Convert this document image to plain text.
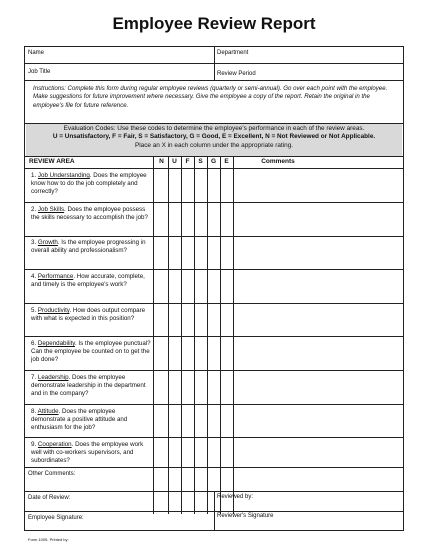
Employee Review Report
Name	Department
Job Title	Review Period
Instructions: Complete this form during regular employee reviews (quarterly or semi-annual). Go over each point with the employee. Make suggestions for future improvement where necessary. Give the employee a copy of the report. Retain the original in the employee's file for future reference.
Evaluation Codes: Use these codes to determine the employee's performance in each of the review areas.
U = Unsatisfactory, F = Fair, S = Satisfactory, G = Good, E = Excellent, N = Not Reviewed or Not Applicable.
Place an X in each column under the appropriate rating.
REVIEW AREA	N	U	F	S	G	E	Comments
1. Job Understanding. Does the employee know how to do the job completely and correctly?
2. Job Skills. Does the employee possess the skills necessary to accomplish the job?
3. Growth. Is the employee progressing in overall ability and professionalism?
4. Performance. How accurate, complete, and timely is the employee's work?
5. Productivity. How does output compare with what is expected in this position?
6. Dependability. Is the employee punctual? Can the employee be counted on to get the job done?
7. Leadership. Does the employee demonstrate leadership in the department and in the company?
8. Attitude. Does the employee demonstrate a positive attitude and enthusiasm for the job?
9. Cooperation. Does the employee work well with co-workers supervisors, and subordinates?
Other Comments:
Date of Review:	Reviewed by:
Employee Signature:	Reviewer's Signature
Form 1005, Printed by:
